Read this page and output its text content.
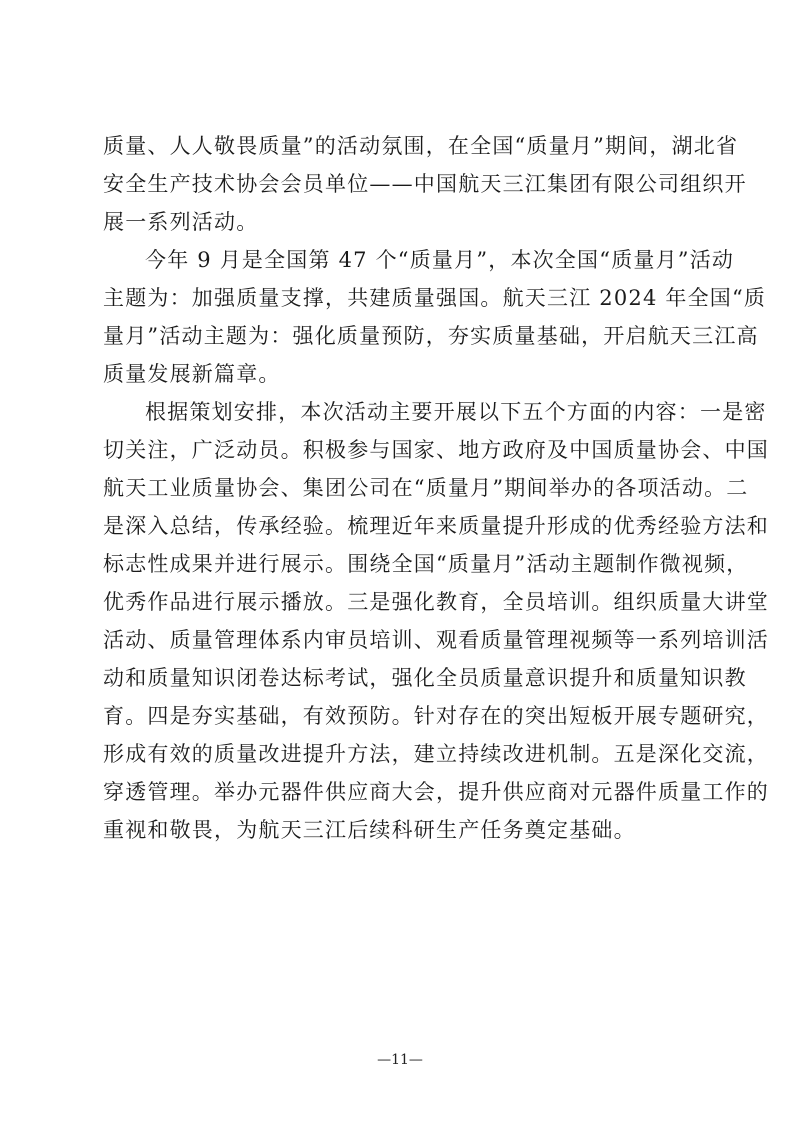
质量、人人敬畏质量”的活动氛围，在全国“质量月”期间，湖北省
安全生产技术协会会员单位——中国航天三江集团有限公司组织开
展一系列活动。
今年 9 月是全国第 47 个“质量月”，本次全国“质量月”活动
主题为：加强质量支撑，共建质量强国。航天三江 2024 年全国“质
量月”活动主题为：强化质量预防，夯实质量基础，开启航天三江高
质量发展新篇章。
根据策划安排，本次活动主要开展以下五个方面的内容：一是密
切关注，广泛动员。积极参与国家、地方政府及中国质量协会、中国
航天工业质量协会、集团公司在“质量月”期间举办的各项活动。二
是深入总结，传承经验。梳理近年来质量提升形成的优秀经验方法和
标志性成果并进行展示。围绕全国“质量月”活动主题制作微视频，
优秀作品进行展示播放。三是强化教育，全员培训。组织质量大讲堂
活动、质量管理体系内审员培训、观看质量管理视频等一系列培训活
动和质量知识闭卷达标考试，强化全员质量意识提升和质量知识教
育。四是夯实基础，有效预防。针对存在的突出短板开展专题研究，
形成有效的质量改进提升方法，建立持续改进机制。五是深化交流，
穿透管理。举办元器件供应商大会，提升供应商对元器件质量工作的
重视和敬畏，为航天三江后续科研生产任务奠定基础。
—11—
